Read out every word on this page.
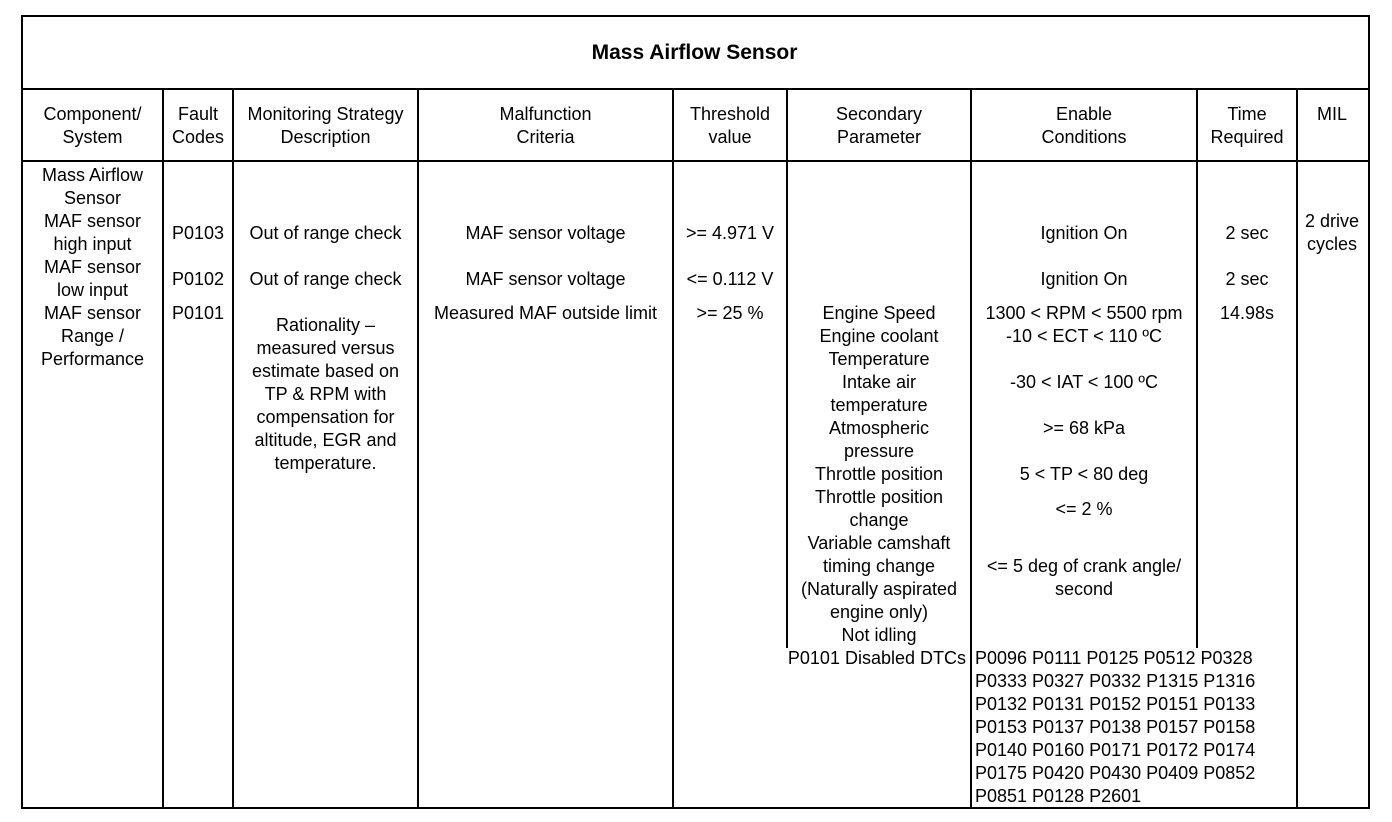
Mass Airflow Sensor
Component/
System
Fault
Codes
Monitoring Strategy
Description
Malfunction
Criteria
Threshold
value
Secondary
Parameter
Enable
Conditions
Time
Required
MIL
Mass Airflow
Sensor
MAF sensor
high input
MAF sensor
low input
MAF sensor
Range /
Performance
P0103
P0102
P0101
Out of range check
Out of range check
Rationality –
measured versus
estimate based on
TP & RPM with
compensation for
altitude, EGR and
temperature.
MAF sensor voltage
MAF sensor voltage
Measured MAF outside limit
>= 4.971 V
<= 0.112 V
>= 25 %	Engine Speed
Engine coolant
Temperature
Intake air
temperature
Atmospheric
pressure
Throttle position
Throttle position
change
Variable camshaft
timing change
(Naturally aspirated
engine only)
Not idling
P0101 Disabled DTCs
Ignition On
Ignition On
1300 < RPM < 5500 rpm
-10 < ECT < 110 ºC
-30 < IAT < 100 ºC
>= 68 kPa
5 < TP < 80 deg
<= 2 %
<= 5 deg of crank angle/
second
P0096 P0111 P0125 P0512 P0328
P0333 P0327 P0332 P1315 P1316
P0132 P0131 P0152 P0151 P0133
P0153 P0137 P0138 P0157 P0158
P0140 P0160 P0171 P0172 P0174
P0175 P0420 P0430 P0409 P0852
P0851 P0128 P2601
2 sec
2 sec
14.98s
2 drive
cycles
